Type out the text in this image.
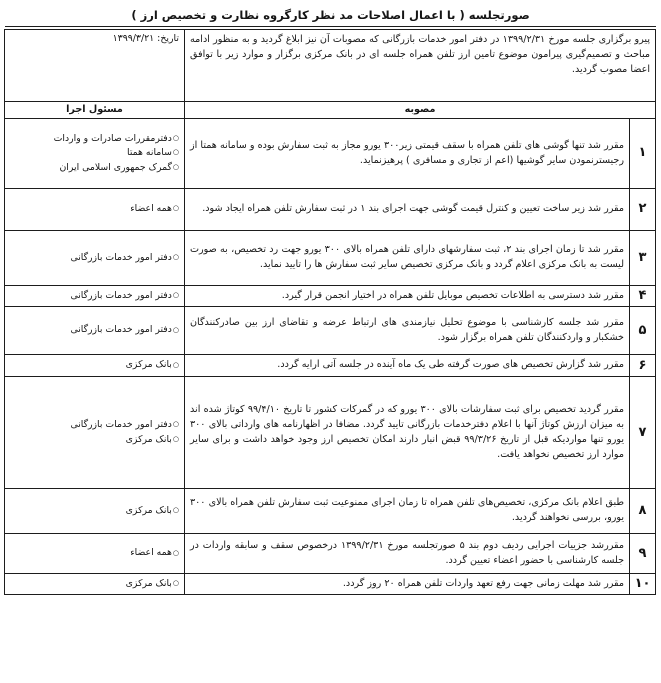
صورتجلسه ( با اعمال اصلاحات مد نظر کارگروه نظارت و تخصیص ارز )
پیرو برگزاری جلسه مورخ ۱۳۹۹/۲/۳۱ در دفتر امور خدمات بازرگانی که مصوبات آن نیز ابلاغ گردید و به منظور ادامه مباحث و تصمیم‌گیری پیرامون موضوع تامین ارز تلفن همراه جلسه ای در بانک مرکزی برگزار و موارد زیر با توافق اعضا مصوب گردید.		تاریخ: ۱۳۹۹/۳/۲۱
مصوبه		مسئول اجرا
۱	مقرر شد تنها گوشی های تلفن همراه با سقف قیمتی زیر۳۰۰ یورو مجاز به ثبت سفارش بوده و سامانه همتا از رجیسترنمودن سایر گوشیها (اعم از تجاری و مسافری ) پرهیزنماید.	○دفترمقررات صادرات و واردات
○سامانه همتا
○گمرک جمهوری اسلامی ایران

۲	مقرر شد زیر ساخت تعیین و کنترل قیمت گوشی جهت اجرای بند ۱ در ثبت سفارش تلفن همراه ایجاد شود.	○همه اعضاء

۳	مقرر شد تا زمان اجرای بند ۲، ثبت سفارشهای دارای تلفن همراه بالای ۳۰۰ یورو جهت رد تخصیص، به صورت لیست به بانک مرکزی اعلام گردد و بانک مرکزی تخصیص سایر ثبت سفارش ها را تایید نماید.	○دفتر امور خدمات بازرگانی

۴	مقرر شد دسترسی به اطلاعات تخصیص موبایل تلفن همراه در اختیار انجمن قرار گیرد.	○دفتر امور خدمات بازرگانی

۵	مقرر شد جلسه کارشناسی با موضوع تحلیل نیازمندی های ارتباط عرضه و تقاضای ارز بین صادرکنندگان خشکبار و واردکنندگان تلفن همراه برگزار شود.	○دفتر امور خدمات بازرگانی

۶	مقرر شد گزارش تخصیص های صورت گرفته طی یک ماه آینده در جلسه آتی ارایه گردد.	○بانک مرکزی

۷	مقرر گردید تخصیص برای ثبت سفارشات بالای ۳۰۰ یورو که در گمرکات کشور تا تاریخ ۹۹/۴/۱۰ کوتاژ شده اند به میزان ارزش کوتاژ آنها با اعلام دفترخدمات بازرگانی تایید گردد. مضافا در اظهارنامه های وارداتی بالای ۳۰۰ یورو تنها مواردیکه قبل از تاریخ ۹۹/۳/۲۶ قبض انبار دارند امکان تخصیص ارز وجود خواهد داشت و برای سایر موارد ارز تخصیص نخواهد یافت.	○دفتر امور خدمات بازرگانی
○بانک مرکزی

۸	طبق اعلام بانک مرکزی، تخصیص‌های تلفن همراه تا زمان اجرای ممنوعیت ثبت سفارش تلفن همراه بالای ۳۰۰ یورو، بررسی نخواهند گردید.	○بانک مرکزی

۹	مقررشد جزییات اجرایی ردیف دوم بند ۵ صورتجلسه مورخ ۱۳۹۹/۲/۳۱ درخصوص سقف و سابقه واردات در جلسه کارشناسی با حضور اعضاء تعیین گردد.	○همه اعضاء

۱۰	مقرر شد مهلت زمانی جهت رفع تعهد واردات تلفن همراه ۲۰ روز گردد.	○بانک مرکزی
